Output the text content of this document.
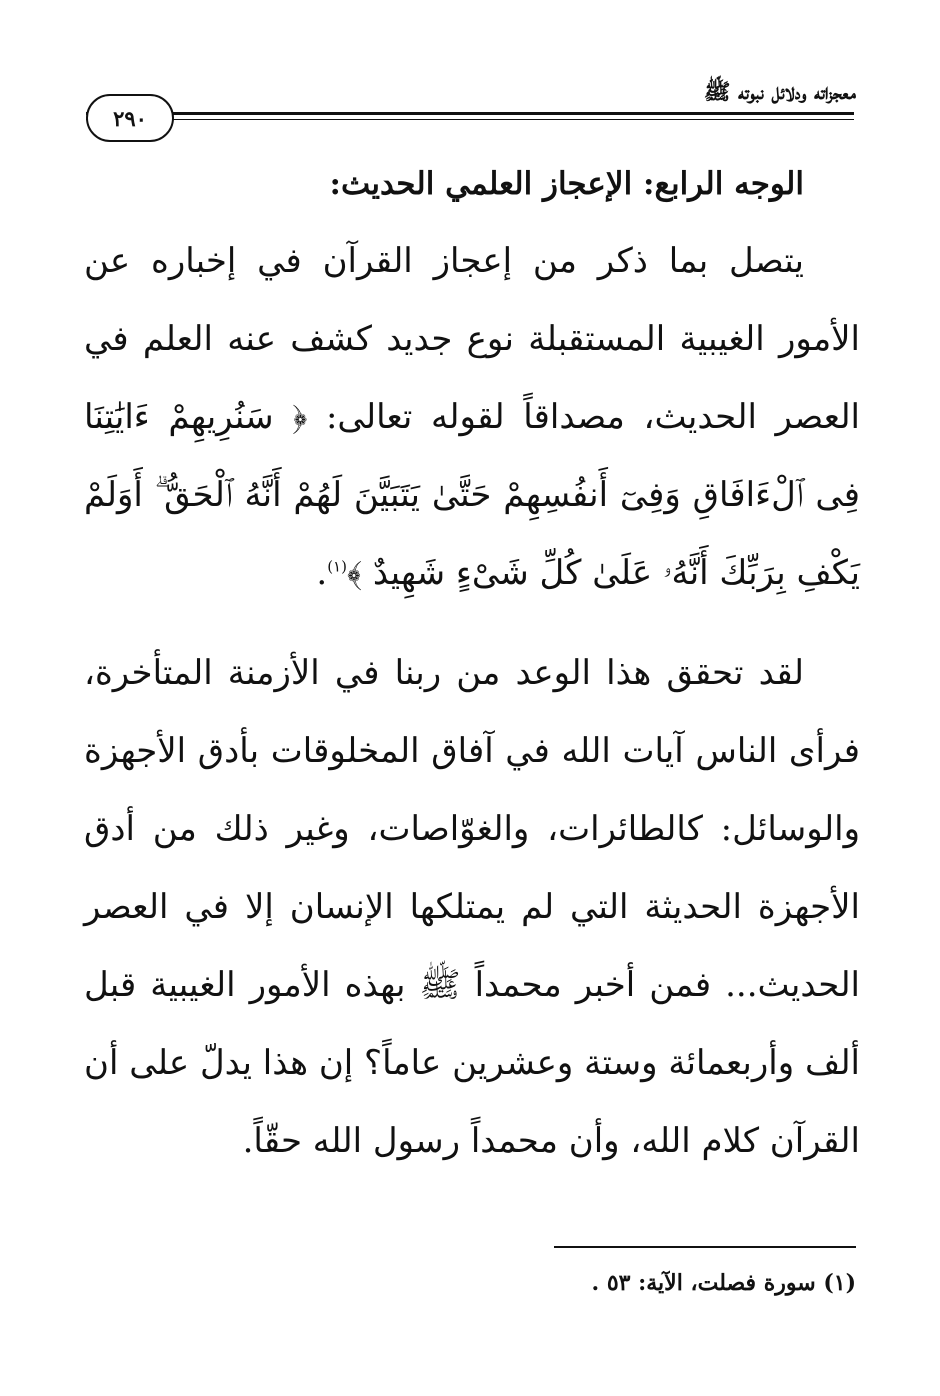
معجزاته ودلائل نبوته ﷺ
٢٩٠
الوجه الرابع: الإعجاز العلمي الحديث:

يتصل بما ذكر من إعجاز القرآن في إخباره عن الأمور الغيبية المستقبلة نوع جديد كشف عنه العلم في العصر الحديث، مصداقاً لقوله تعالى: ﴿ سَنُرِيهِمْ ءَايَٰتِنَا فِى ٱلْءَافَاقِ وَفِىٓ أَنفُسِهِمْ حَتَّىٰ يَتَبَيَّنَ لَهُمْ أَنَّهُ ٱلْحَقُّ ۗ أَوَلَمْ يَكْفِ بِرَبِّكَ أَنَّهُۥ عَلَىٰ كُلِّ شَىْءٍ شَهِيدٌ ﴾$^{(١)}$.

لقد تحقق هذا الوعد من ربنا في الأزمنة المتأخرة، فرأى الناس آيات الله في آفاق المخلوقات بأدق الأجهزة والوسائل: كالطائرات، والغوّاصات، وغير ذلك من أدق الأجهزة الحديثة التي لم يمتلكها الإنسان إلا في العصر الحديث... فمن أخبر محمداً ﷺ بهذه الأمور الغيبية قبل ألف وأربعمائة وستة وعشرين عاماً؟ إن هذا يدلّ على أن القرآن كلام الله، وأن محمداً رسول الله حقّاً.

(١) سورة فصلت، الآية: ٥٣ .
